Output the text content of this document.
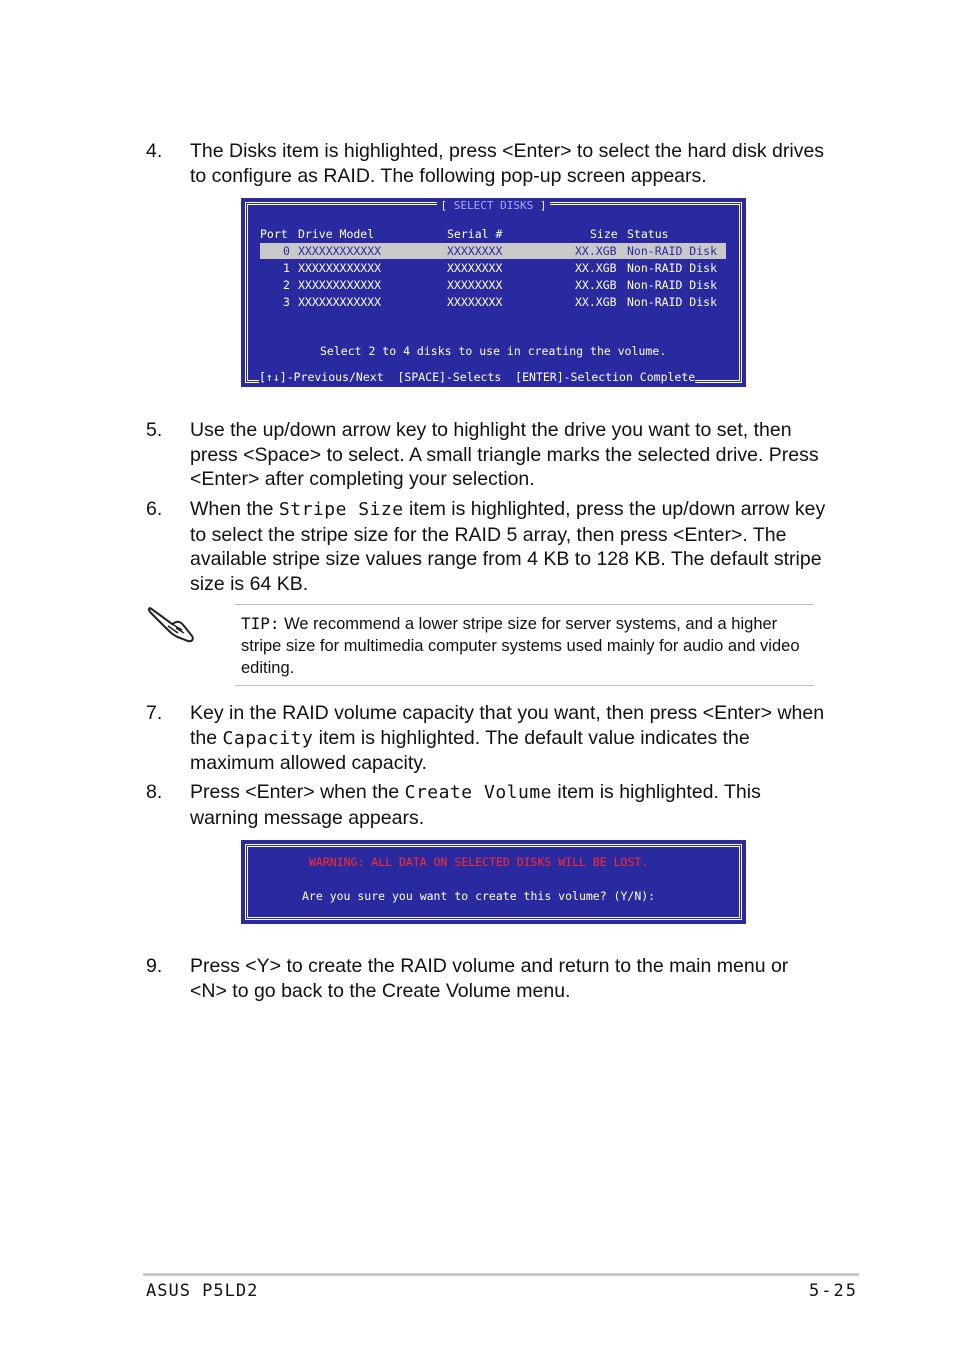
4. The Disks item is highlighted, press <Enter> to select the hard disk drives to configure as RAID. The following pop-up screen appears.
[ SELECT DISKS ]
Port Drive Model	Serial #	Size Status
0 XXXXXXXXXXXX	XXXXXXXX	XX.XGB Non-RAID Disk
1 XXXXXXXXXXXX	XXXXXXXX	XX.XGB Non-RAID Disk
2 XXXXXXXXXXXX	XXXXXXXX	XX.XGB Non-RAID Disk
3 XXXXXXXXXXXX	XXXXXXXX	XX.XGB Non-RAID Disk
Select 2 to 4 disks to use in creating the volume.
[↑↓]-Previous/Next  [SPACE]-Selects  [ENTER]-Selection Complete
5. Use the up/down arrow key to highlight the drive you want to set, then press <Space> to select. A small triangle marks the selected drive. Press <Enter> after completing your selection.
6. When the Stripe Size item is highlighted, press the up/down arrow key to select the stripe size for the RAID 5 array, then press <Enter>. The available stripe size values range from 4 KB to 128 KB. The default stripe size is 64 KB.
TIP: We recommend a lower stripe size for server systems, and a higher stripe size for multimedia computer systems used mainly for audio and video editing.
7. Key in the RAID volume capacity that you want, then press <Enter> when the Capacity item is highlighted. The default value indicates the maximum allowed capacity.
8. Press <Enter> when the Create Volume item is highlighted. This warning message appears.
WARNING: ALL DATA ON SELECTED DISKS WILL BE LOST.
Are you sure you want to create this volume? (Y/N):
9. Press <Y> to create the RAID volume and return to the main menu or <N> to go back to the Create Volume menu.
ASUS P5LD2	5-25
